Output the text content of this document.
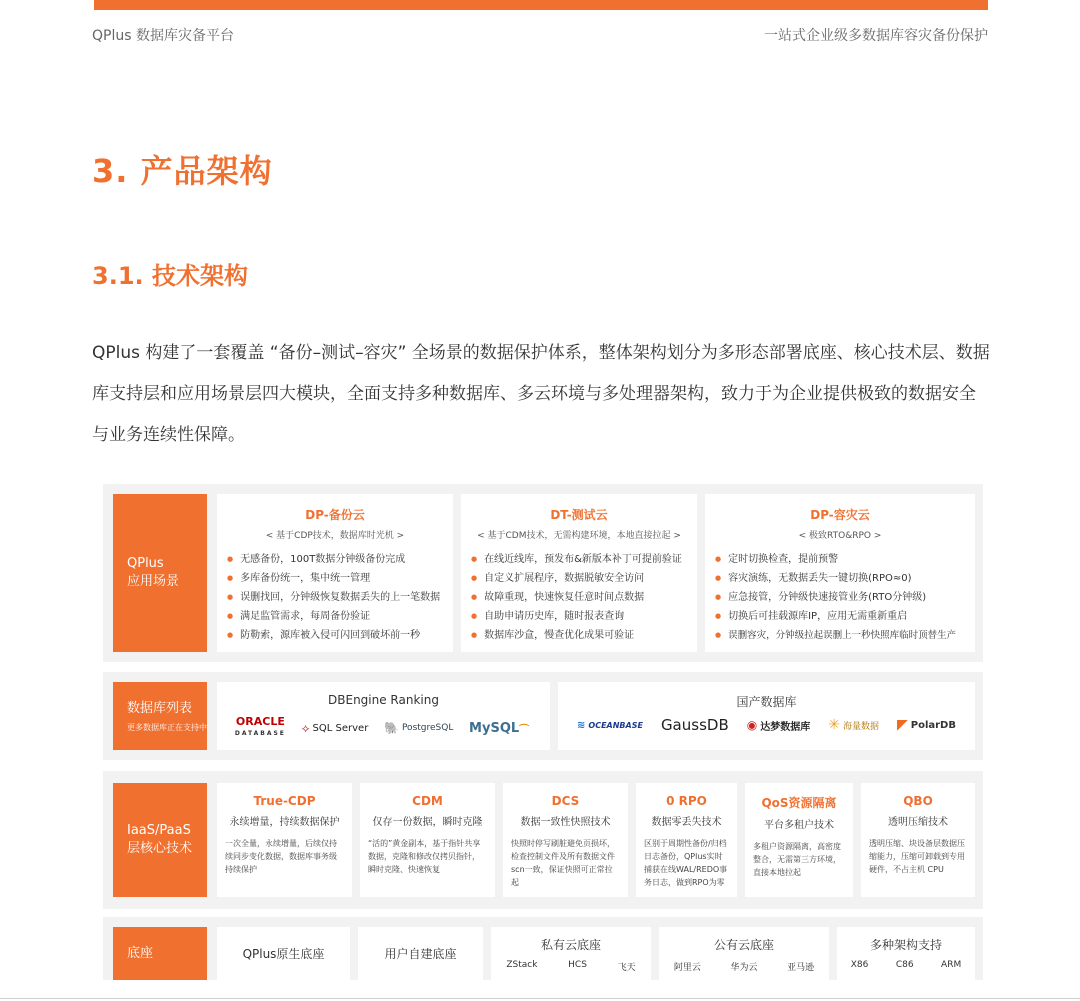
QPlus 数据库灾备平台	一站式企业级多数据库容灾备份保护
3. 产品架构
3.1. 技术架构
QPlus 构建了一套覆盖 “备份–测试–容灾” 全场景的数据保护体系，整体架构划分为多形态部署底座、核心技术层、数据库支持层和应用场景层四大模块，全面支持多种数据库、多云环境与多处理器架构，致力于为企业提供极致的数据安全与业务连续性保障。
QPlus
应用场景
DP-备份云
< 基于CDP技术，数据库时光机 >
● 无感备份，100T数据分钟级备份完成
● 多库备份统一，集中统一管理
● 误删找回，分钟级恢复数据丢失的上一笔数据
● 满足监管需求，每周备份验证
● 防勒索，源库被入侵可闪回到破坏前一秒
DT-测试云
< 基于CDM技术，无需构建环境，本地直接拉起 >
● 在线近线库，预发布&新版本补丁可提前验证
● 自定义扩展程序，数据脱敏安全访问
● 故障重现，快速恢复任意时间点数据
● 自助申请历史库，随时报表查询
● 数据库沙盒，慢查优化成果可验证
DP-容灾云
< 极致RTO&RPO >
● 定时切换检查，提前预警
● 容灾演练，无数据丢失一键切换(RPO≈0)
● 应急接管，分钟级快速接管业务(RTO分钟级)
● 切换后可挂载源库IP，应用无需重新重启
● 误删容灾，分钟级拉起误删上一秒快照库临时顶替生产
数据库列表
更多数据库正在支持中
DBEngine Ranking
ORACLE
DATABASE ⟡ SQL Server 🐘 PostgreSQL MySQL ⌒
国产数据库
≋ OCEANBASE GaussDB ◉ 达梦数据库 ✳ 海量数据 ◤ PolarDB
IaaS/PaaS
层核心技术
True-CDP
永续增量，持续数据保护
一次全量，永续增量，后续仅持续同步变化数据，数据库事务级持续保护
CDM
仅存一份数据，瞬时克隆
“活的”黄金副本，基于指针共享数据，克隆和修改仅拷贝指针，瞬时克隆、快速恢复
DCS
数据一致性快照技术
快照时停写刷脏避免页损坏，检查控制文件及所有数据文件scn一致，保证快照可正常拉起
0 RPO
数据零丢失技术
区别于周期性备份/归档日志备份，QPlus实时捕获在线WAL/REDO事务日志，做到RPO为零
QoS资源隔离
平台多租户技术
多租户资源隔离，高密度整合，无需第三方环境，直接本地拉起
QBO
透明压缩技术
透明压缩、块设备层数据压缩能力，压缩可卸载到专用硬件，不占主机 CPU
底座	QPlus原生底座	用户自建底座
私有云底座
ZStack	HCS	飞天
公有云底座
阿里云	华为云	亚马逊
多种架构支持
X86	C86	ARM
